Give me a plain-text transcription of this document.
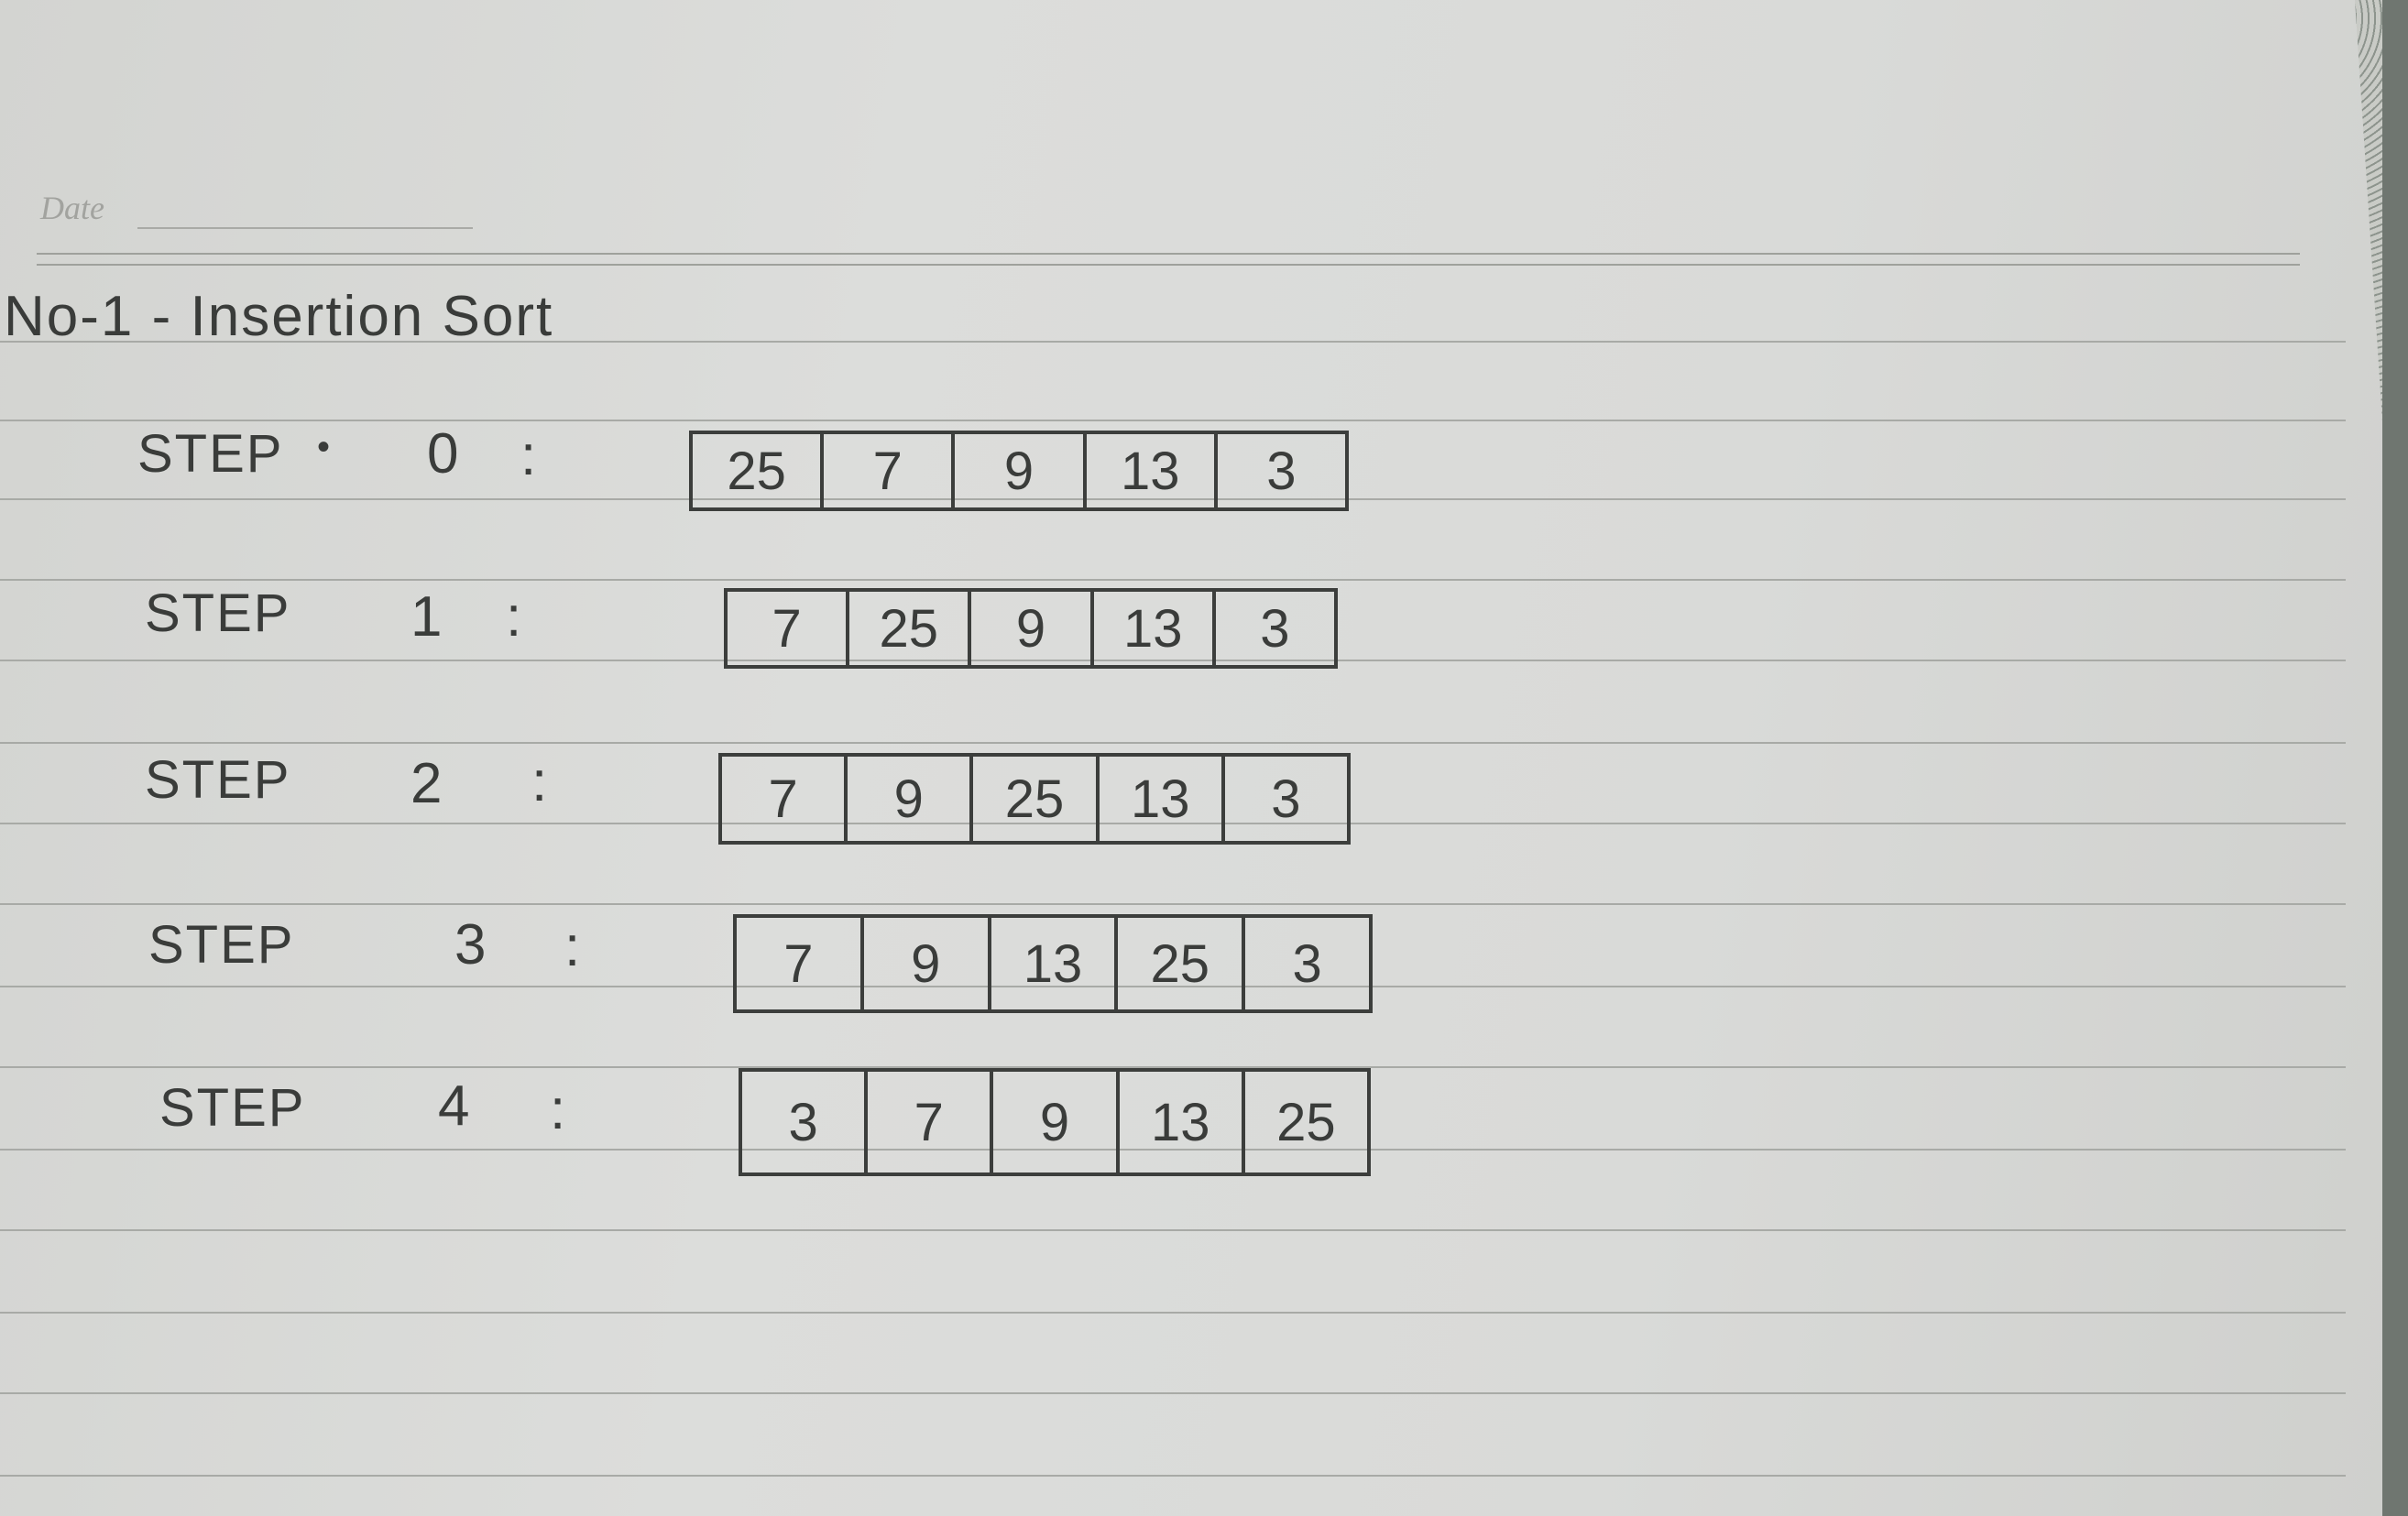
Date
No-1 - Insertion Sort
STEP • 0 :	25	7	9	13	3
STEP 1 :	7	25	9	13	3
STEP 2 :	7	9	25	13	3
STEP	3 :	7	9	13	25	3
STEP 4 :	3	7	9	13	25
